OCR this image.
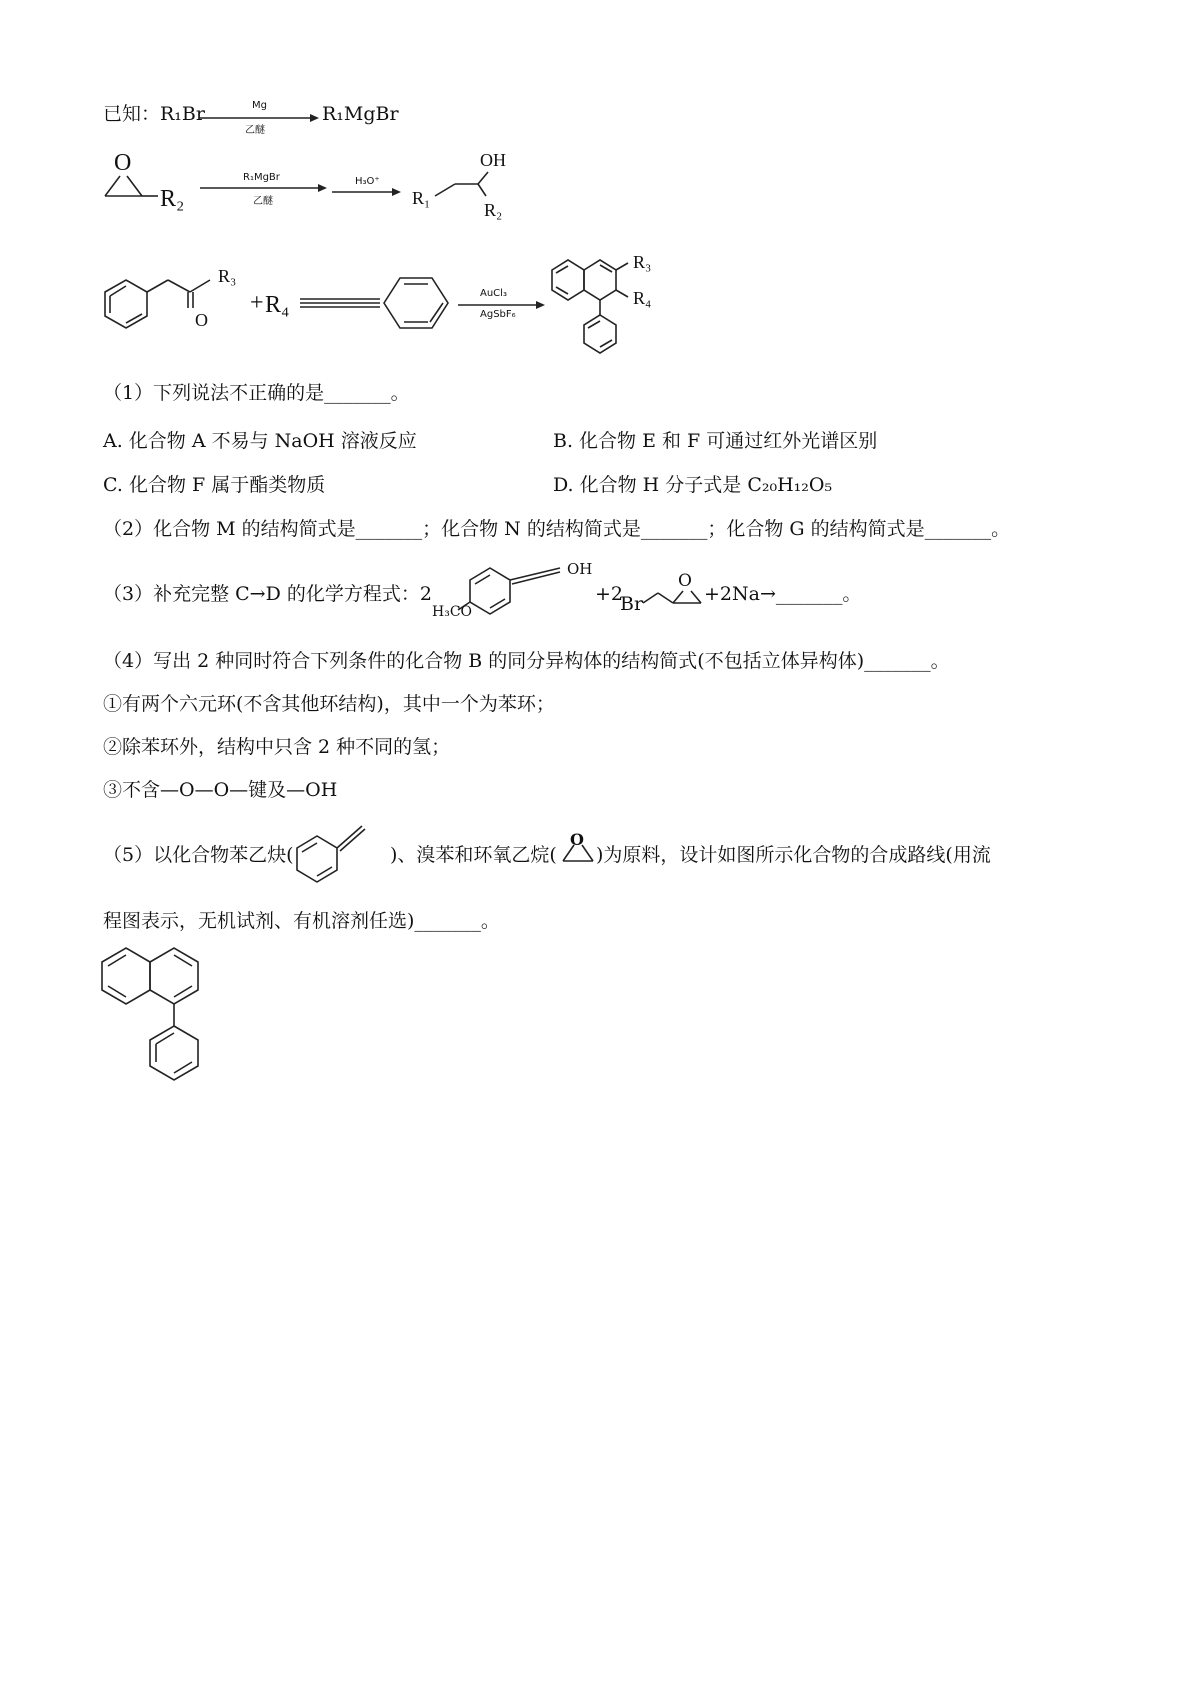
已知： R₁Br	Mg
乙醚
R₁MgBr
O
R₂
R₁MgBr
乙醚
H₃O⁺
OH
R₁
R₂
R₃
O
+ R₄	AuCl₃
AgSbF₆
R₃
R₄
（1）下列说法不正确的是_______。
A. 化合物 A 不易与 NaOH 溶液反应	B. 化合物 E 和 F 可通过红外光谱区别
C. 化合物 F 属于酯类物质	D. 化合物 H 分子式是 C₂₀H₁₂O₅
（2）化合物 M 的结构简式是_______；化合物 N 的结构简式是_______；化合物 G 的结构简式是_______。
（3）补充完整 C→D 的化学方程式：2
OH
H₃CO
+2
Br
O
+2Na→_______。
（4）写出 2 种同时符合下列条件的化合物 B 的同分异构体的结构简式(不包括立体异构体)_______。
①有两个六元环(不含其他环结构)，其中一个为苯环；
②除苯环外，结构中只含 2 种不同的氢；
③不含—O—O—键及—OH
（5）以化合物苯乙炔(	)、溴苯和环氧乙烷(
O
)为原料，设计如图所示化合物的合成路线(用流
程图表示，无机试剂、有机溶剂任选)_______。
